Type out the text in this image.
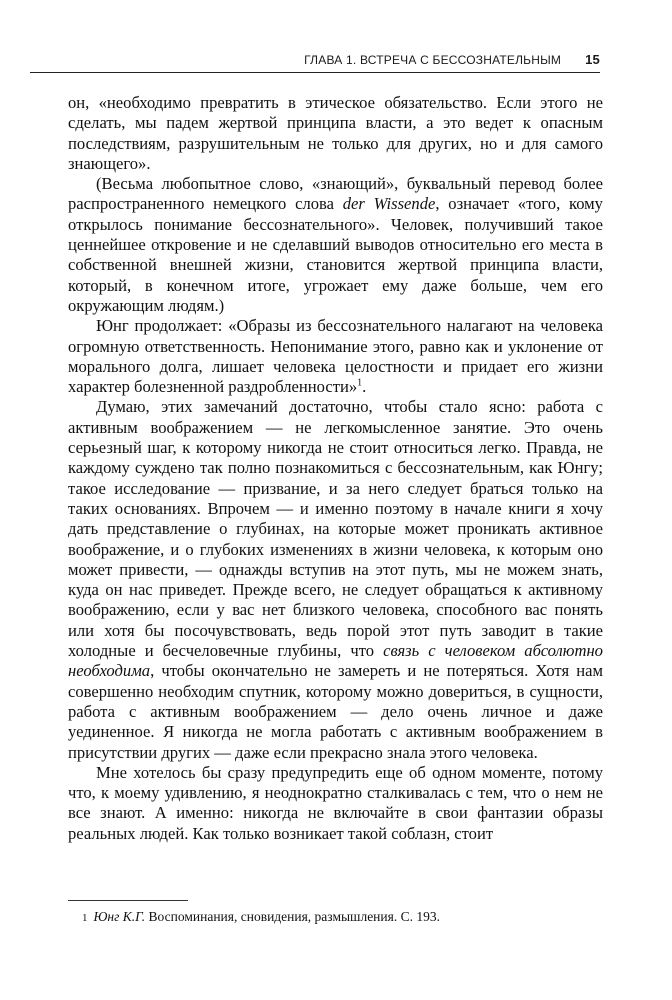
ГЛАВА 1. ВСТРЕЧА С БЕССОЗНАТЕЛЬНЫМ 15

он, «необходимо превратить в этическое обязательство. Если этого не сделать, мы падем жертвой принципа власти, а это ведет к опасным последствиям, разрушительным не только для других, но и для самого знающего».

(Весьма любопытное слово, «знающий», буквальный перевод более распространенного немецкого слова der Wissende, означает «того, кому открылось понимание бессознательного». Человек, получивший такое ценнейшее откровение и не сделавший выводов относительно его места в собственной внешней жизни, становится жертвой принципа власти, который, в конечном итоге, угрожает ему даже больше, чем его окружающим людям.)

Юнг продолжает: «Образы из бессознательного налагают на человека огромную ответственность. Непонимание этого, равно как и уклонение от морального долга, лишает человека целостности и придает его жизни характер болезненной раздробленности»$^1$.

Думаю, этих замечаний достаточно, чтобы стало ясно: работа с активным воображением — не легкомысленное занятие. Это очень серьезный шаг, к которому никогда не стоит относиться легко. Правда, не каждому суждено так полно познакомиться с бессознательным, как Юнгу; такое исследование — призвание, и за него следует браться только на таких основаниях. Впрочем — и именно поэтому в начале книги я хочу дать представление о глубинах, на которые может проникать активное воображение, и о глубоких изменениях в жизни человека, к которым оно может привести, — однажды вступив на этот путь, мы не можем знать, куда он нас приведет. Прежде всего, не следует обращаться к активному воображению, если у вас нет близкого человека, способного вас понять или хотя бы посочувствовать, ведь порой этот путь заводит в такие холодные и бесчеловечные глубины, что связь с человеком абсолютно необходима, чтобы окончательно не замереть и не потеряться. Хотя нам совершенно необходим спутник, которому можно довериться, в сущности, работа с активным воображением — дело очень личное и даже уединенное. Я никогда не могла работать с активным воображением в присутствии других — даже если прекрасно знала этого человека.

Мне хотелось бы сразу предупредить еще об одном моменте, потому что, к моему удивлению, я неоднократно сталкивалась с тем, что о нем не все знают. А именно: никогда не включайте в свои фантазии образы реальных людей. Как только возникает такой соблазн, стоит

1 Юнг К.Г. Воспоминания, сновидения, размышления. С. 193.
